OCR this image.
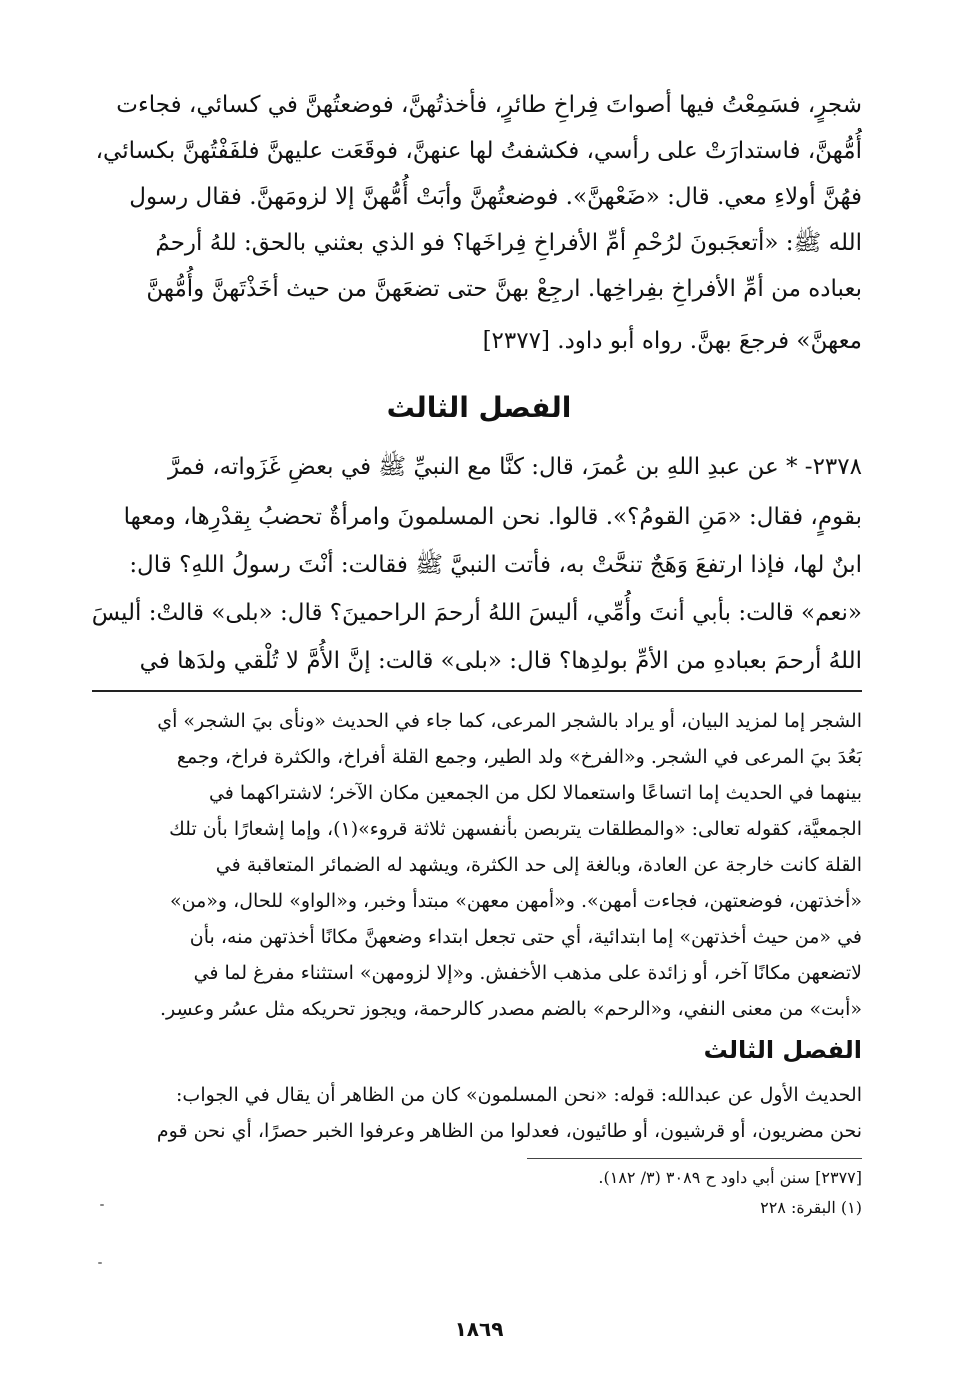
شجرٍ، فسَمِعْتُ فيها أصواتَ فِراخِ طائرٍ، فأخذتُهنَّ، فوضعتُهنَّ في كسائي، فجاءت
أُمُّهنَّ، فاستدارَتْ على رأسي، فكشفتُ لها عنهنَّ، فوقَعَت عليهنَّ فلفَفْتُهنَّ بكسائي،
فهُنَّ أولاءِ معي. قال: «ضَعْهنَّ». فوضعتُهنَّ وأبَتْ أُمُّهنَّ إلا لزومَهنَّ. فقال رسول
الله ﷺ: «أتعجَبونَ لرُحْمِ أمِّ الأفراخِ فِراخَها؟ فو الذي بعثني بالحق: للهُ أرحمُ
بعباده من أمِّ الأفراخِ بفِراخِها. ارجِعْ بهنَّ حتى تضعَهنَّ من حيث أخَذْتَهنَّ وأُمُّهنَّ
معهنَّ» فرجعَ بهنَّ. رواه أبو داود. [٢٣٧٧]
الفصل الثالث
٢٣٧٨- * عن عبدِ اللهِ بن عُمرَ، قال: كنَّا مع النبيِّ ﷺ في بعضِ غَزَواته، فمرَّ
بقومٍ، فقال: «مَنِ القومُ؟». قالوا. نحن المسلمونَ وامرأةٌ تحضبُ بِقدْرِها، ومعها
ابنٌ لها، فإذا ارتفعَ وَهَجٌ تنحَّتْ به، فأتت النبيَّ ﷺ فقالت: أنْتَ رسولُ اللهِ؟ قال:
«نعم» قالت: بأبي أنتَ وأُمِّي، أليسَ اللهُ أرحمَ الراحمينَ؟ قال: «بلى» قالتْ: أليسَ
اللهُ أرحمَ بعبادهِ من الأمِّ بولدِها؟ قال: «بلى» قالت: إنَّ الأُمَّ لا تُلْقي ولدَها في
الشجر إما لمزيد البيان، أو يراد بالشجر المرعى، كما جاء في الحديث «ونأى بيَ الشجر» أي
بَعُدَ بيَ المرعى في الشجر. و«الفرخ» ولد الطير، وجمع القلة أفراخ، والكثرة فراخ، وجمع
بينهما في الحديث إما اتساعًا واستعمالا لكل من الجمعين مكان الآخر؛ لاشتراكهما في
الجمعيَّة، كقوله تعالى: «والمطلقات يتربصن بأنفسهن ثلاثة قروء»(١)، وإما إشعارًا بأن تلك
القلة كانت خارجة عن العادة، وبالغة إلى حد الكثرة، ويشهد له الضمائر المتعاقبة في
«أخذتهن، فوضعتهن، فجاءت أمهن». و«أمهن معهن» مبتدأ وخبر، و«الواو» للحال، و«من»
في «من حيث أخذتهن» إما ابتدائية، أي حتى تجعل ابتداء وضعهنَّ مكانًا أخذتهن منه، بأن
لاتضعهن مكانًا آخر، أو زائدة على مذهب الأخفش. و«إلا لزومهن» استثناء مفرغ لما في
«أبت» من معنى النفي، و«الرحم» بالضم مصدر كالرحمة، ويجوز تحريكه مثل عسُر وعسِر.
الفصل الثالث
الحديث الأول عن عبدالله: قوله: «نحن المسلمون» كان من الظاهر أن يقال في الجواب:
نحن مضريون، أو قرشيون، أو طائيون، فعدلوا من الظاهر وعرفوا الخبر حصرًا، أي نحن قوم
[٢٣٧٧] سنن أبي داود ح ٣٠٨٩ (٣/ ١٨٢).
(١) البقرة: ٢٢٨
١٨٦٩
